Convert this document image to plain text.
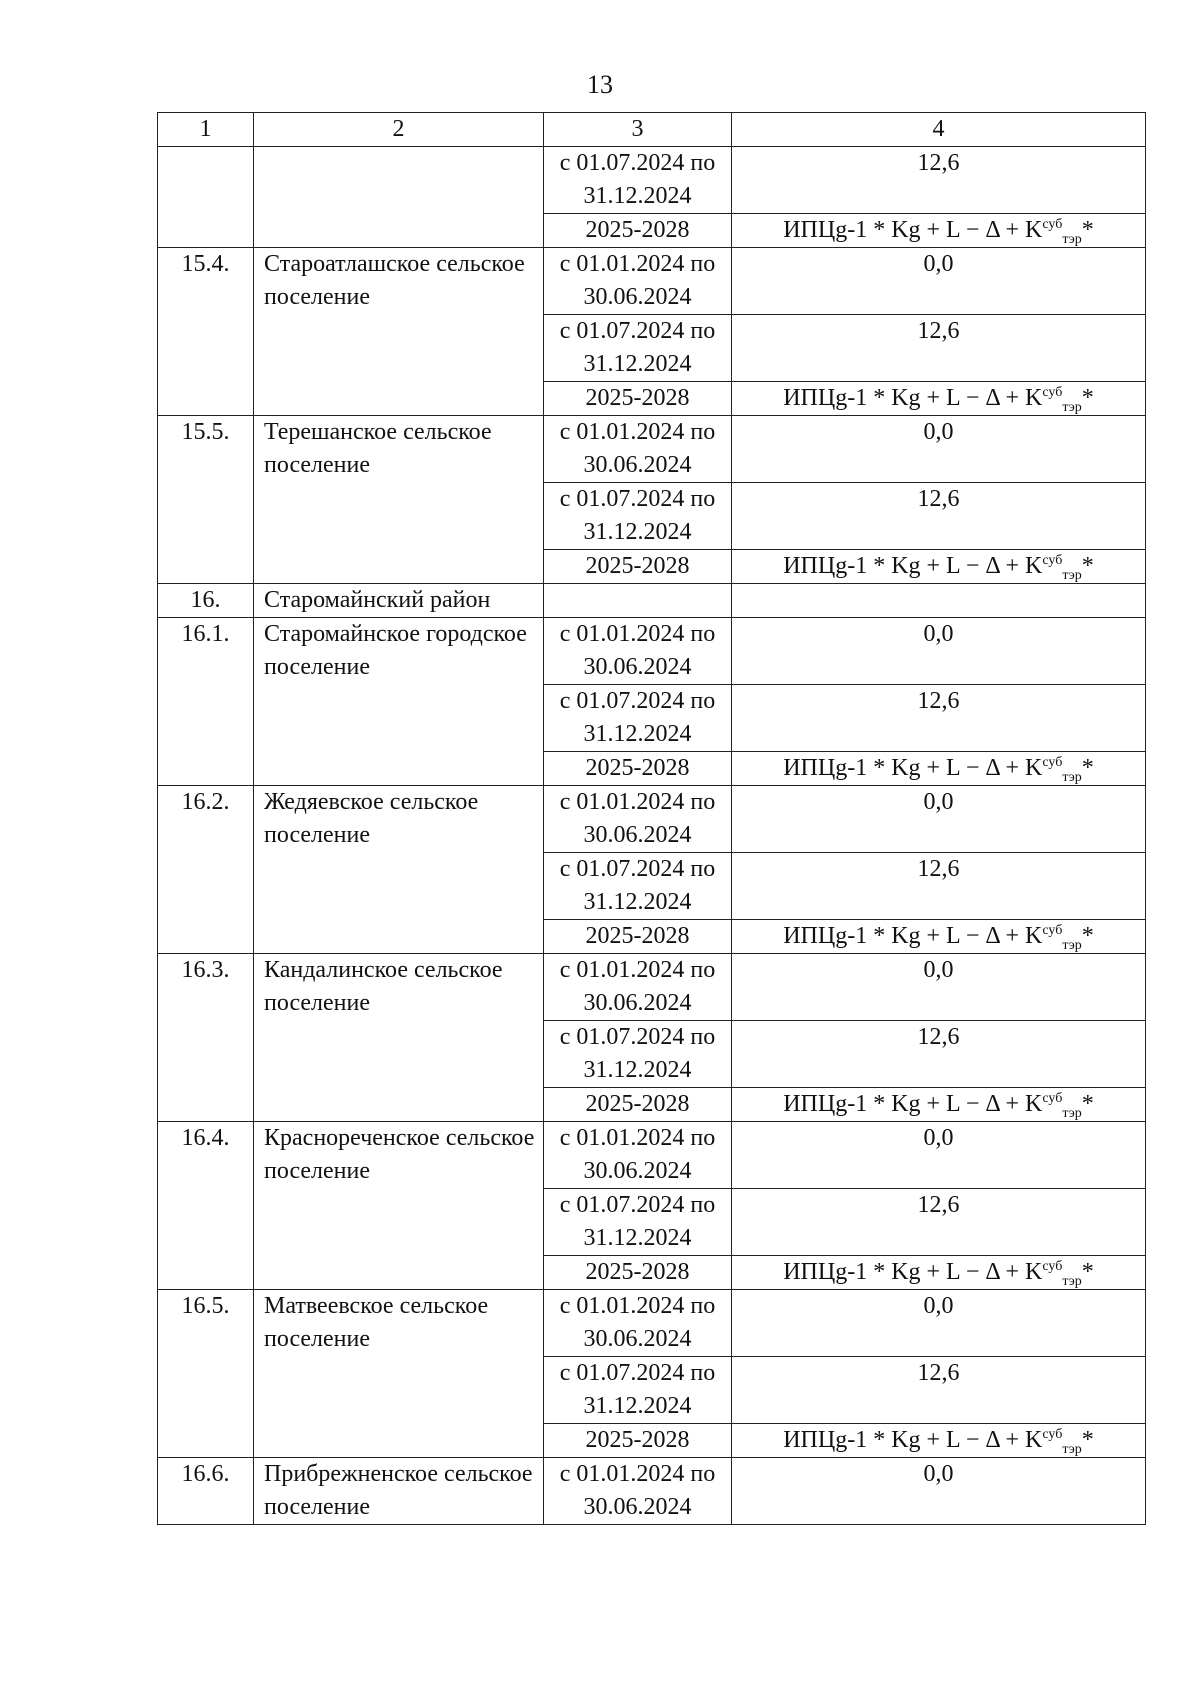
13
1	2	3	4
		с 01.07.2024 по 31.12.2024	12,6
		2025-2028	ИПЦg-1 * $Kg + L - \Delta + K^{суб}_{тэр}*$
15.4.	Староатлашское сельское поселение	с 01.01.2024 по 30.06.2024	0,0
		с 01.07.2024 по 31.12.2024	12,6
		2025-2028	ИПЦg-1 * $Kg + L - \Delta + K^{суб}_{тэр}*$
15.5.	Терешанское сельское поселение	с 01.01.2024 по 30.06.2024	0,0
		с 01.07.2024 по 31.12.2024	12,6
		2025-2028	ИПЦg-1 * $Kg + L - \Delta + K^{суб}_{тэр}*$
16.	Старомайнский район		
16.1.	Старомайнское городское поселение	с 01.01.2024 по 30.06.2024	0,0
		с 01.07.2024 по 31.12.2024	12,6
		2025-2028	ИПЦg-1 * $Kg + L - \Delta + K^{суб}_{тэр}*$
16.2.	Жедяевское сельское поселение	с 01.01.2024 по 30.06.2024	0,0
		с 01.07.2024 по 31.12.2024	12,6
		2025-2028	ИПЦg-1 * $Kg + L - \Delta + K^{суб}_{тэр}*$
16.3.	Кандалинское сельское поселение	с 01.01.2024 по 30.06.2024	0,0
		с 01.07.2024 по 31.12.2024	12,6
		2025-2028	ИПЦg-1 * $Kg + L - \Delta + K^{суб}_{тэр}*$
16.4.	Краснореченское сельское поселение	с 01.01.2024 по 30.06.2024	0,0
		с 01.07.2024 по 31.12.2024	12,6
		2025-2028	ИПЦg-1 * $Kg + L - \Delta + K^{суб}_{тэр}*$
16.5.	Матвеевское сельское поселение	с 01.01.2024 по 30.06.2024	0,0
		с 01.07.2024 по 31.12.2024	12,6
		2025-2028	ИПЦg-1 * $Kg + L - \Delta + K^{суб}_{тэр}*$
16.6.	Прибрежненское сельское поселение	с 01.01.2024 по 30.06.2024	0,0
